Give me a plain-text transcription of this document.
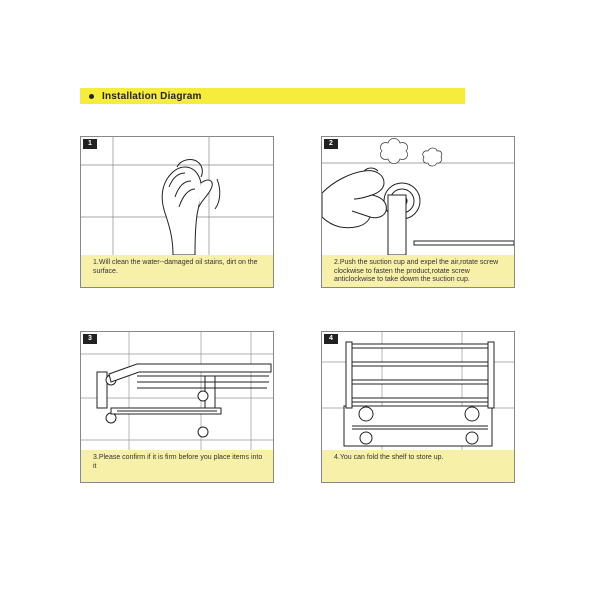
Installation Diagram
1
1.Will clean the water--damaged oil stains, dirt on the surface.
2
2.Push the suction cup and expel the air,rotate screw clockwise to fasten the product,rotate screw anticlockwise to take dowm the suction cup.
3
3.Please confirm if it is firm before you place items into it
4
4.You can fold the shelf to store up.
